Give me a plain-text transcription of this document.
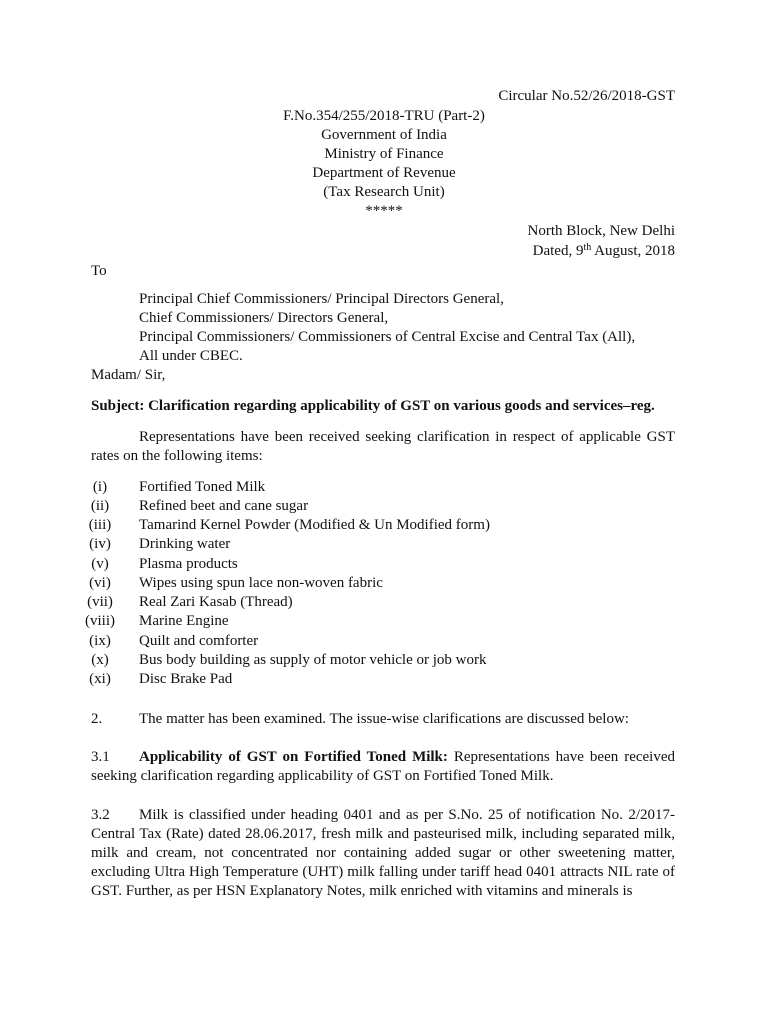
Circular No.52/26/2018-GST
F.No.354/255/2018-TRU (Part-2)
Government of India
Ministry of Finance
Department of Revenue
(Tax Research Unit)
*****
North Block, New Delhi
Dated, 9th August, 2018
To
Principal Chief Commissioners/ Principal Directors General,
Chief Commissioners/ Directors General,
Principal Commissioners/ Commissioners of Central Excise and Central Tax (All),
All under CBEC.
Madam/ Sir,
Subject: Clarification regarding applicability of GST on various goods and services–reg.
Representations have been received seeking clarification in respect of applicable GST rates on the following items:
(i)	Fortified Toned Milk
(ii)	Refined beet and cane sugar
(iii)	Tamarind Kernel Powder (Modified & Un Modified form)
(iv)	Drinking water
(v)	Plasma products
(vi)	Wipes using spun lace non-woven fabric
(vii)	Real Zari Kasab (Thread)
(viii) Marine Engine
(ix)	Quilt and comforter
(x)	Bus body building as supply of motor vehicle or job work
(xi)	Disc Brake Pad
2. The matter has been examined. The issue-wise clarifications are discussed below:
3.1 Applicability of GST on Fortified Toned Milk: Representations have been received seeking clarification regarding applicability of GST on Fortified Toned Milk.
3.2 Milk is classified under heading 0401 and as per S.No. 25 of notification No. 2/2017-Central Tax (Rate) dated 28.06.2017, fresh milk and pasteurised milk, including separated milk, milk and cream, not concentrated nor containing added sugar or other sweetening matter, excluding Ultra High Temperature (UHT) milk falling under tariff head 0401 attracts NIL rate of GST. Further, as per HSN Explanatory Notes, milk enriched with vitamins and minerals is
